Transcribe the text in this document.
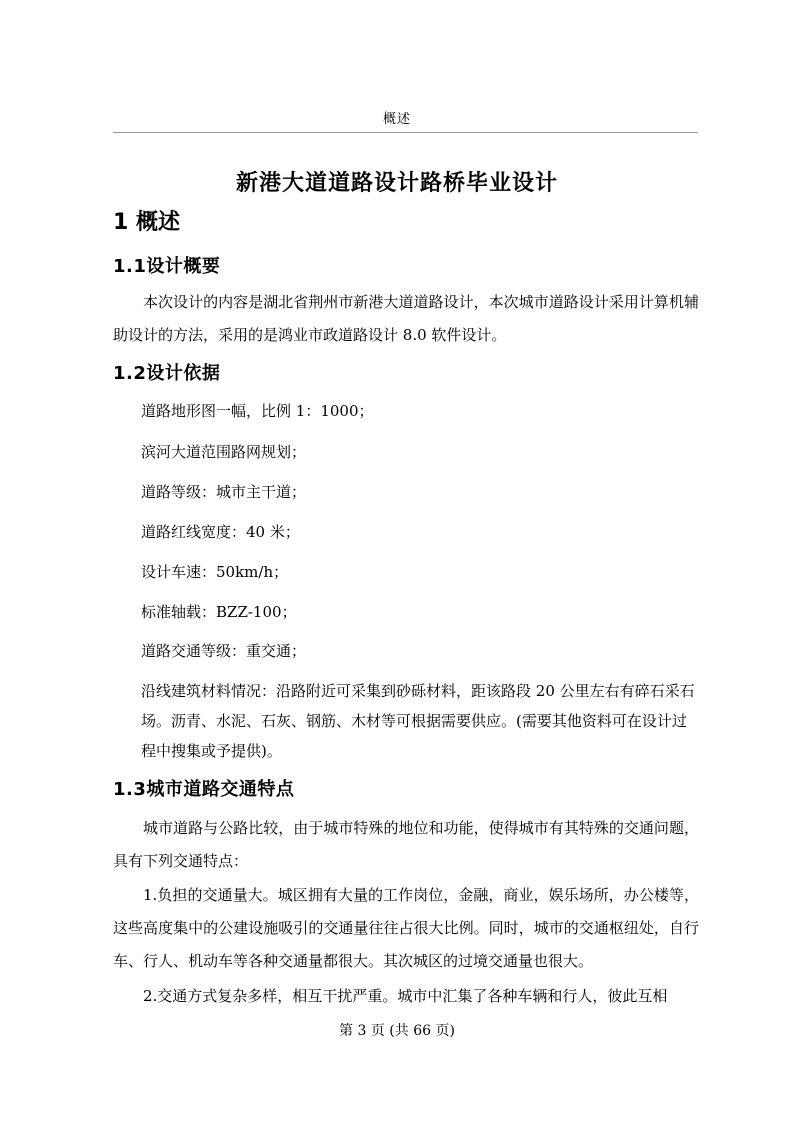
概述
新港大道道路设计路桥毕业设计
1 概述
1.1设计概要
本次设计的内容是湖北省荆州市新港大道道路设计，本次城市道路设计采用计算机辅助设计的方法，采用的是鸿业市政道路设计 8.0 软件设计。
1.2设计依据
道路地形图一幅，比例 1：1000；
滨河大道范围路网规划；
道路等级：城市主干道；
道路红线宽度：40 米；
设计车速：50km/h；
标准轴载：BZZ-100；
道路交通等级：重交通；
沿线建筑材料情况：沿路附近可采集到砂砾材料，距该路段 20 公里左右有碎石采石场。沥青、水泥、石灰、钢筋、木材等可根据需要供应。(需要其他资料可在设计过程中搜集或予提供)。
1.3城市道路交通特点
城市道路与公路比较，由于城市特殊的地位和功能，使得城市有其特殊的交通问题，具有下列交通特点：
1.负担的交通量大。城区拥有大量的工作岗位，金融，商业，娱乐场所，办公楼等，这些高度集中的公建设施吸引的交通量往往占很大比例。同时，城市的交通枢纽处，自行车、行人、机动车等各种交通量都很大。其次城区的过境交通量也很大。
2.交通方式复杂多样，相互干扰严重。城市中汇集了各种车辆和行人，彼此互相
第 3 页 (共 66 页)
